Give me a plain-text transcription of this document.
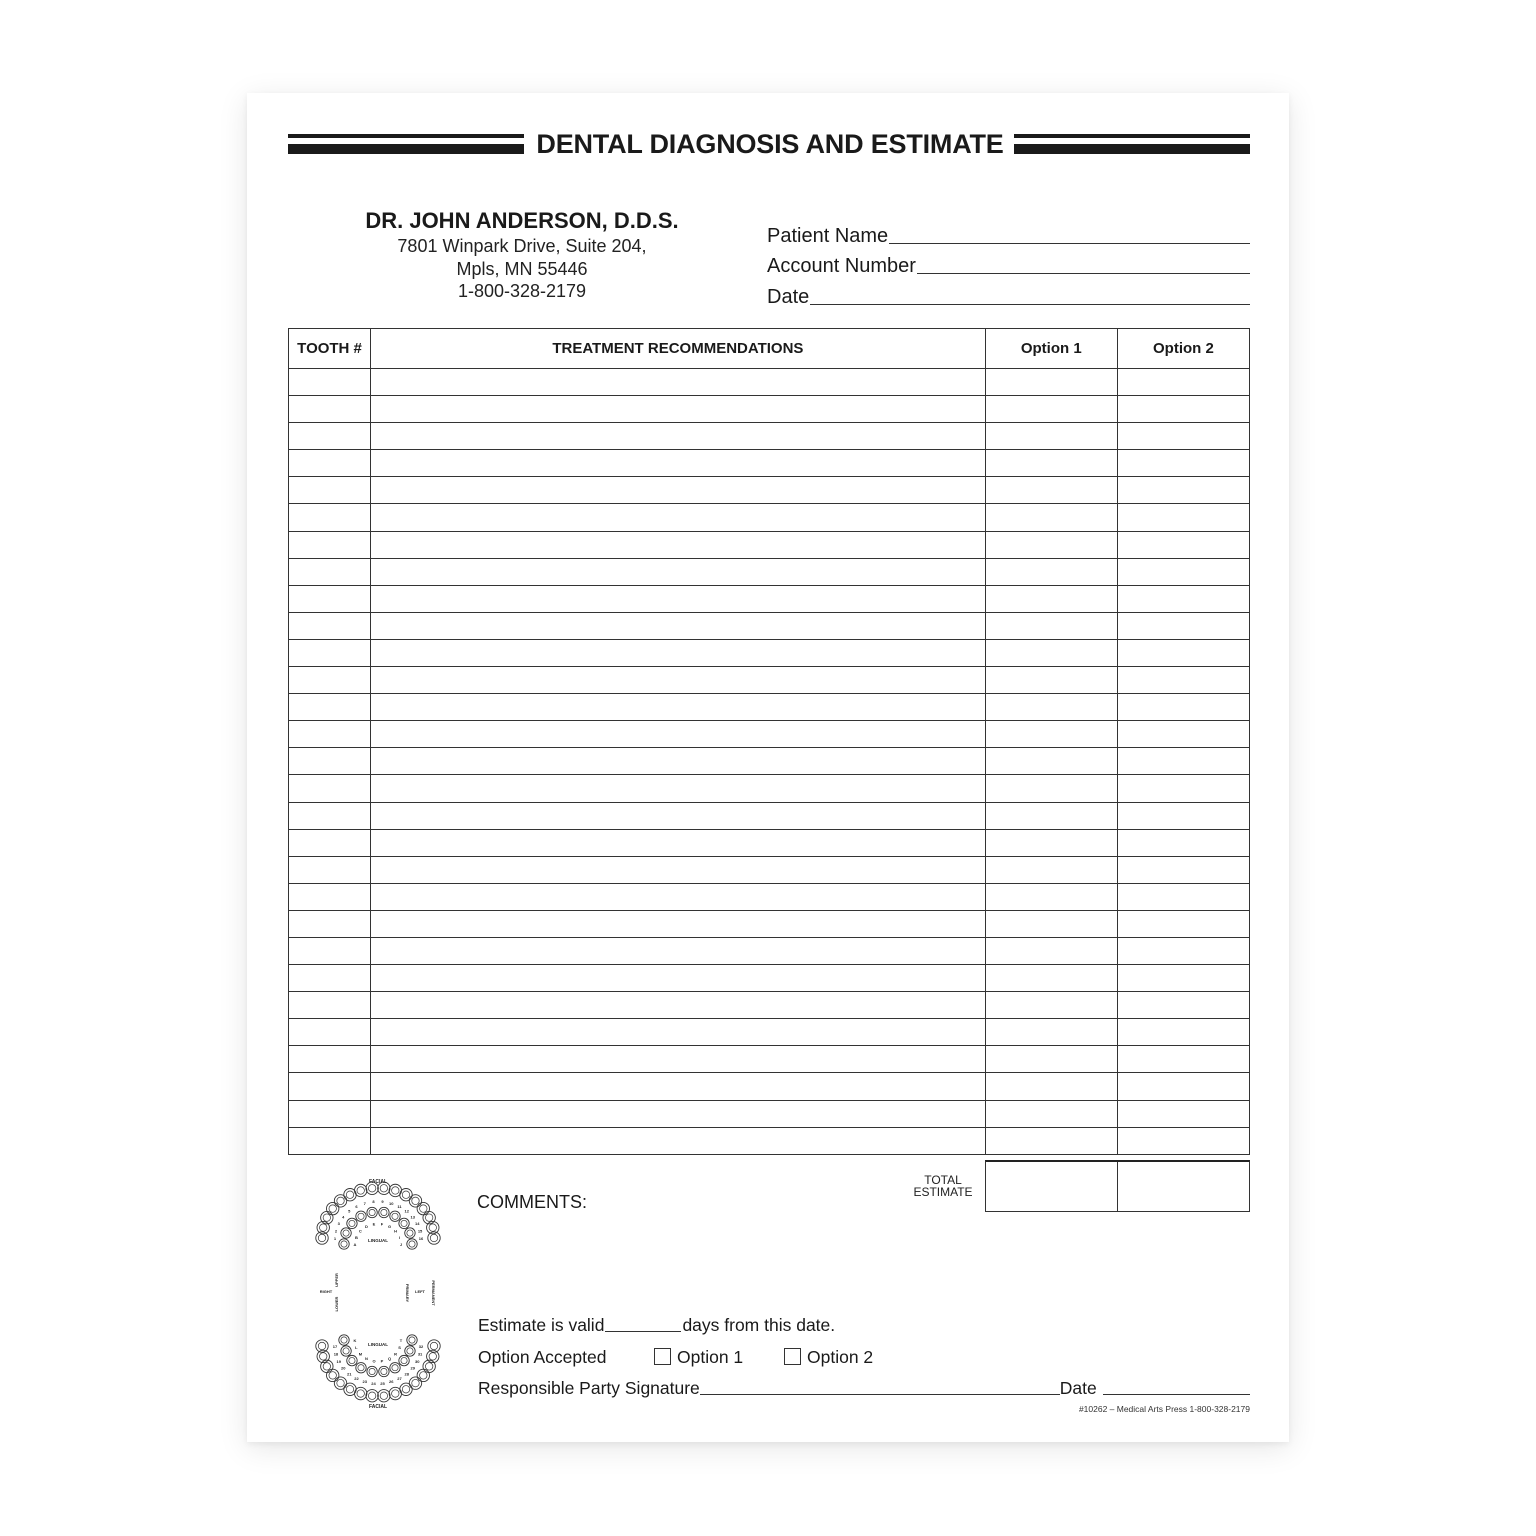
DENTAL DIAGNOSIS AND ESTIMATE
DR. JOHN ANDERSON, D.D.S.
7801 Winpark Drive, Suite 204,
Mpls, MN 55446
1-800-328-2179
Patient Name
Account Number
Date
TOOTH #	TREATMENT RECOMMENDATIONS	Option 1	Option 2

TOTAL
ESTIMATE
FACIAL
FACIAL
1
2
3
4
5
6
7 8 9 10
11
12
13
14
15
16
A
B
C
D E F G
H
I
J
LINGUAL
32
31
30
29
28
27
26
25
24
23
22
21
20
19
18
17
T
S
R
Q
P
O
N
M
L
K
LINGUAL
UPPER
LOWER
RIGHT	LEFT
PRIMARY	PERMANENT
COMMENTS:
Estimate is valid	days from this date.
Option Accepted	Option 1	Option 2
Responsible Party Signature	Date
#10262 – Medical Arts Press 1-800-328-2179
